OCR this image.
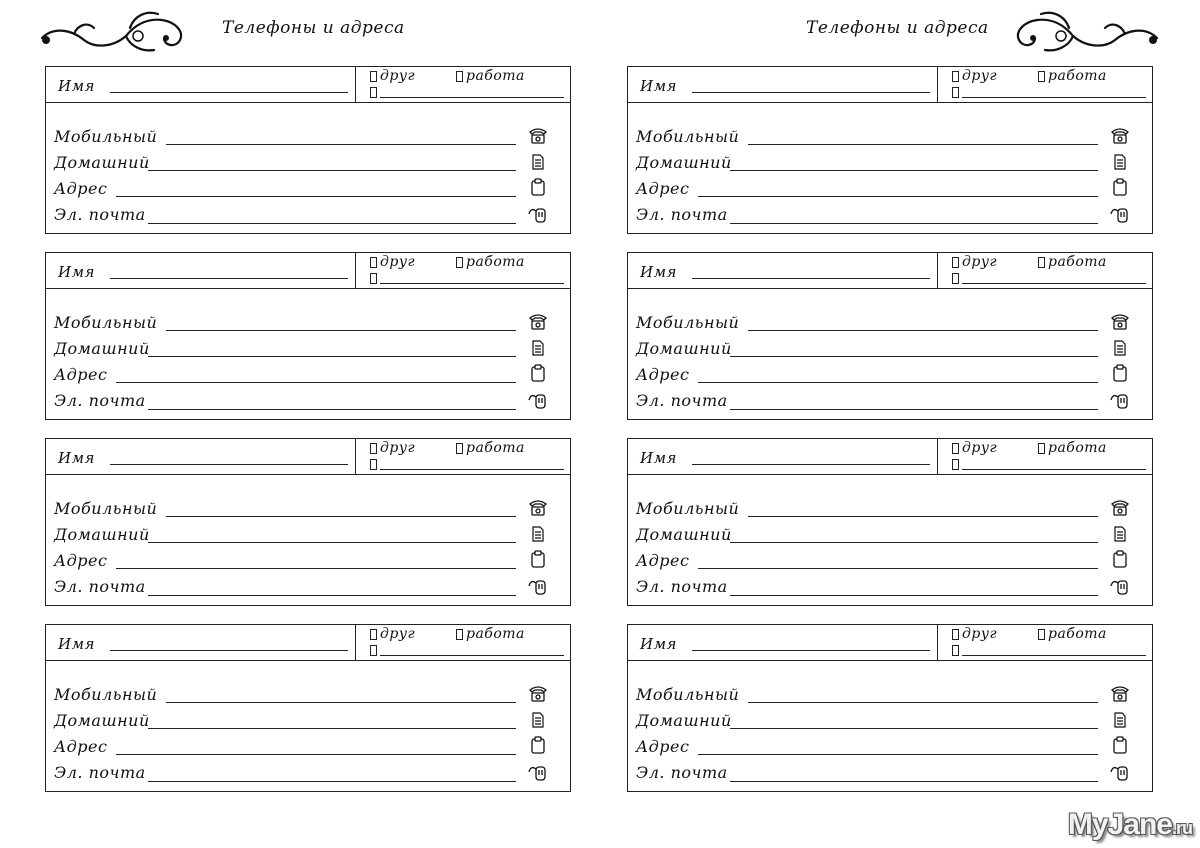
Телефоны и адреса
Имя
друг	работа
Мобильный
Домашний
Адрес
Эл. почта
Имя
друг	работа
Мобильный
Домашний
Адрес
Эл. почта
Имя
друг	работа
Мобильный
Домашний
Адрес
Эл. почта
Имя
друг	работа
Мобильный
Домашний
Адрес
Эл. почта
Телефоны и адреса
Имя
друг	работа
Мобильный
Домашний
Адрес
Эл. почта
Имя
друг	работа
Мобильный
Домашний
Адрес
Эл. почта
Имя
друг	работа
Мобильный
Домашний
Адрес
Эл. почта
Имя
друг	работа
Мобильный
Домашний
Адрес
Эл. почта
MyJane.ru
